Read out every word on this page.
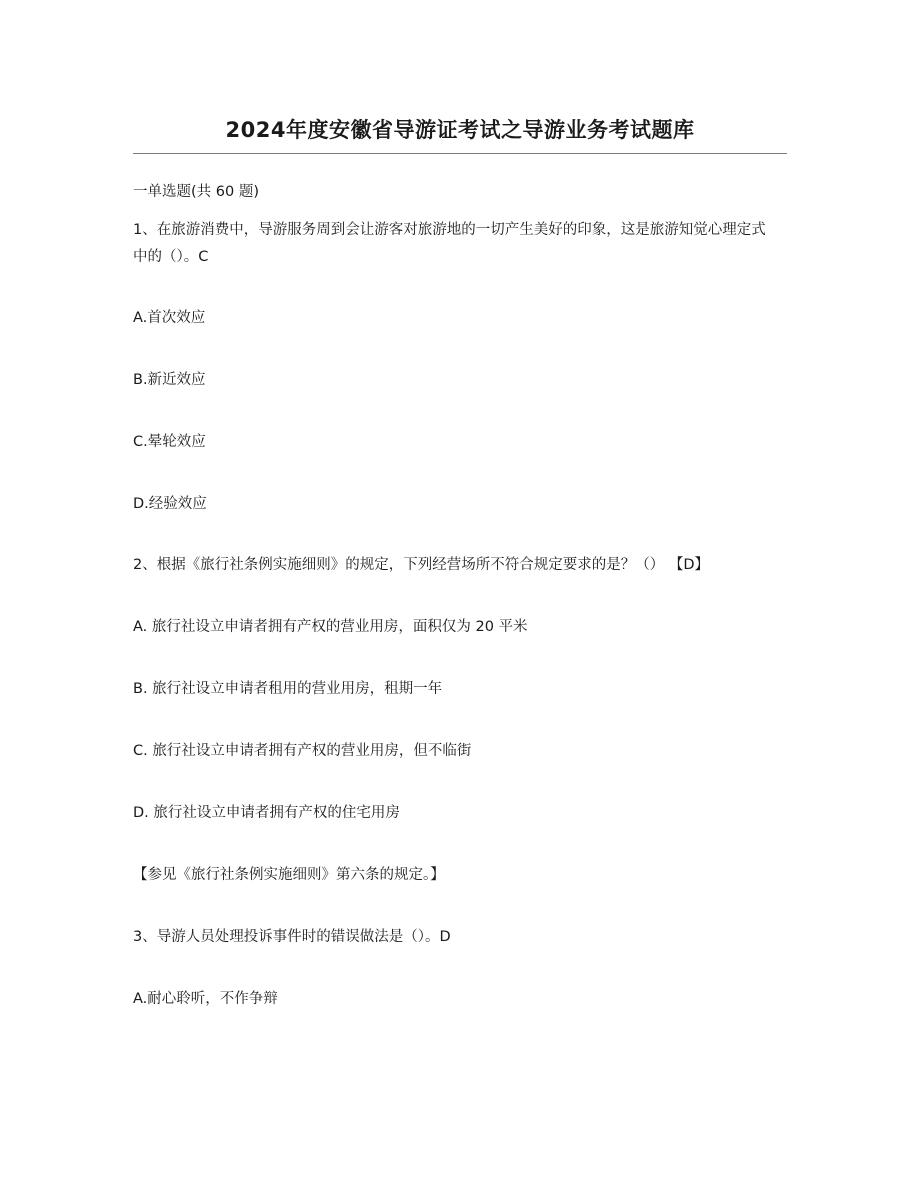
2024年度安徽省导游证考试之导游业务考试题库
一单选题(共 60 题)
1、在旅游消费中，导游服务周到会让游客对旅游地的一切产生美好的印象，这是旅游知觉心理定式中的（）。C
A.首次效应
B.新近效应
C.晕轮效应
D.经验效应
2、根据《旅行社条例实施细则》的规定，下列经营场所不符合规定要求的是？（） 【D】
A. 旅行社设立申请者拥有产权的营业用房，面积仅为 20 平米
B. 旅行社设立申请者租用的营业用房，租期一年
C. 旅行社设立申请者拥有产权的营业用房，但不临街
D. 旅行社设立申请者拥有产权的住宅用房
【参见《旅行社条例实施细则》第六条的规定。】
3、导游人员处理投诉事件时的错误做法是（）。D
A.耐心聆听，不作争辩
